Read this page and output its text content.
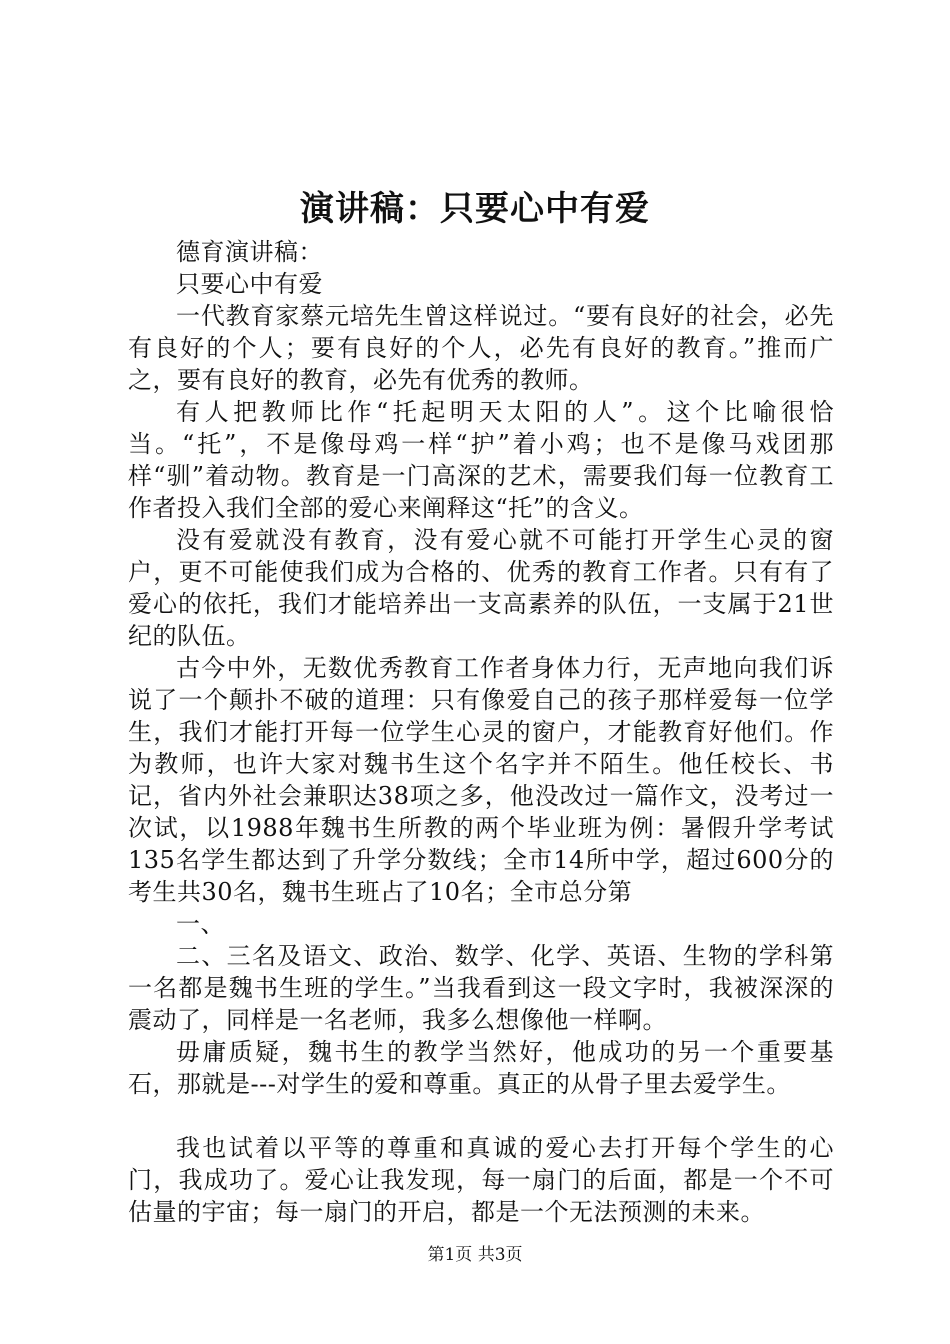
演讲稿：只要心中有爱

德育演讲稿：

只要心中有爱

一代教育家蔡元培先生曾这样说过。“要有良好的社会，必先有良好的个人；要有良好的个人，必先有良好的教育。”推而广之，要有良好的教育，必先有优秀的教师。

有人把教师比作“托起明天太阳的人”。这个比喻很恰当。“托”，不是像母鸡一样“护”着小鸡；也不是像马戏团那样“驯”着动物。教育是一门高深的艺术，需要我们每一位教育工作者投入我们全部的爱心来阐释这“托”的含义。

没有爱就没有教育，没有爱心就不可能打开学生心灵的窗户，更不可能使我们成为合格的、优秀的教育工作者。只有有了爱心的依托，我们才能培养出一支高素养的队伍，一支属于21世纪的队伍。

古今中外，无数优秀教育工作者身体力行，无声地向我们诉说了一个颠扑不破的道理：只有像爱自己的孩子那样爱每一位学生，我们才能打开每一位学生心灵的窗户，才能教育好他们。作为教师，也许大家对魏书生这个名字并不陌生。他任校长、书记，省内外社会兼职达38项之多，他没改过一篇作文，没考过一次试，以1988年魏书生所教的两个毕业班为例：暑假升学考试135名学生都达到了升学分数线；全市14所中学，超过600分的考生共30名，魏书生班占了10名；全市总分第

一、

二、三名及语文、政治、数学、化学、英语、生物的学科第一名都是魏书生班的学生。”当我看到这一段文字时，我被深深的震动了，同样是一名老师，我多么想像他一样啊。

毋庸质疑，魏书生的教学当然好，他成功的另一个重要基石，那就是---对学生的爱和尊重。真正的从骨子里去爱学生。

我也试着以平等的尊重和真诚的爱心去打开每个学生的心门，我成功了。爱心让我发现，每一扇门的后面，都是一个不可估量的宇宙；每一扇门的开启，都是一个无法预测的未来。

第1页 共3页
